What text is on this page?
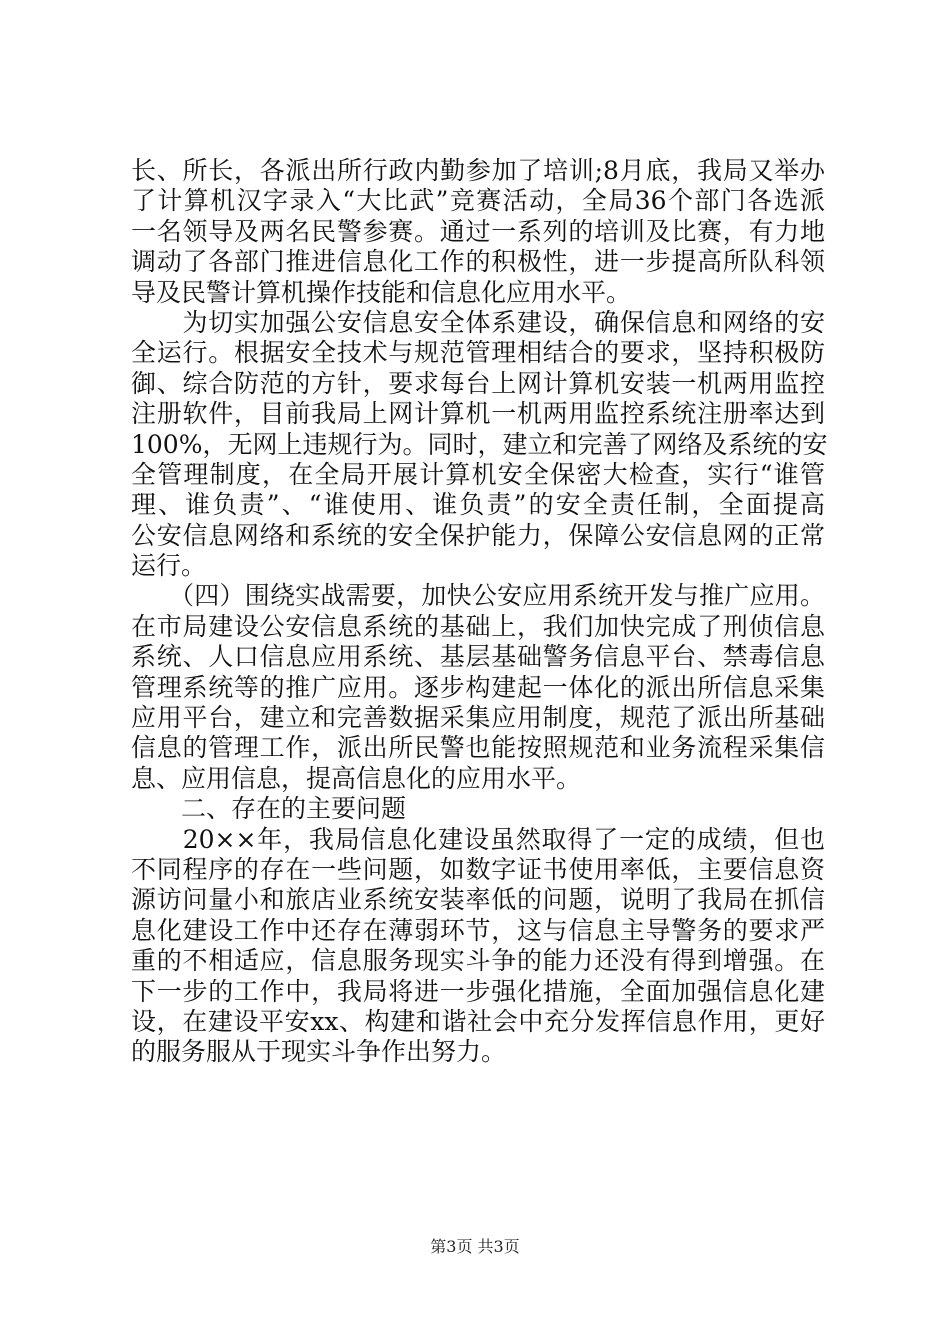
长、所长，各派出所行政内勤参加了培训;8月底，我局又举办
了计算机汉字录入“大比武”竞赛活动，全局36个部门各选派
一名领导及两名民警参赛。通过一系列的培训及比赛，有力地
调动了各部门推进信息化工作的积极性，进一步提高所队科领
导及民警计算机操作技能和信息化应用水平。
　　为切实加强公安信息安全体系建设，确保信息和网络的安
全运行。根据安全技术与规范管理相结合的要求，坚持积极防
御、综合防范的方针，要求每台上网计算机安装一机两用监控
注册软件，目前我局上网计算机一机两用监控系统注册率达到
100%，无网上违规行为。同时，建立和完善了网络及系统的安
全管理制度，在全局开展计算机安全保密大检查，实行“谁管
理、谁负责”、“谁使用、谁负责”的安全责任制，全面提高
公安信息网络和系统的安全保护能力，保障公安信息网的正常
运行。
　　（四）围绕实战需要，加快公安应用系统开发与推广应用。
在市局建设公安信息系统的基础上，我们加快完成了刑侦信息
系统、人口信息应用系统、基层基础警务信息平台、禁毒信息
管理系统等的推广应用。逐步构建起一体化的派出所信息采集
应用平台，建立和完善数据采集应用制度，规范了派出所基础
信息的管理工作，派出所民警也能按照规范和业务流程采集信
息、应用信息，提高信息化的应用水平。
　　二、存在的主要问题
　　20××年，我局信息化建设虽然取得了一定的成绩，但也
不同程序的存在一些问题，如数字证书使用率低，主要信息资
源访问量小和旅店业系统安装率低的问题，说明了我局在抓信
息化建设工作中还存在薄弱环节，这与信息主导警务的要求严
重的不相适应，信息服务现实斗争的能力还没有得到增强。在
下一步的工作中，我局将进一步强化措施，全面加强信息化建
设，在建设平安xx、构建和谐社会中充分发挥信息作用，更好
的服务服从于现实斗争作出努力。
第3页 共3页
